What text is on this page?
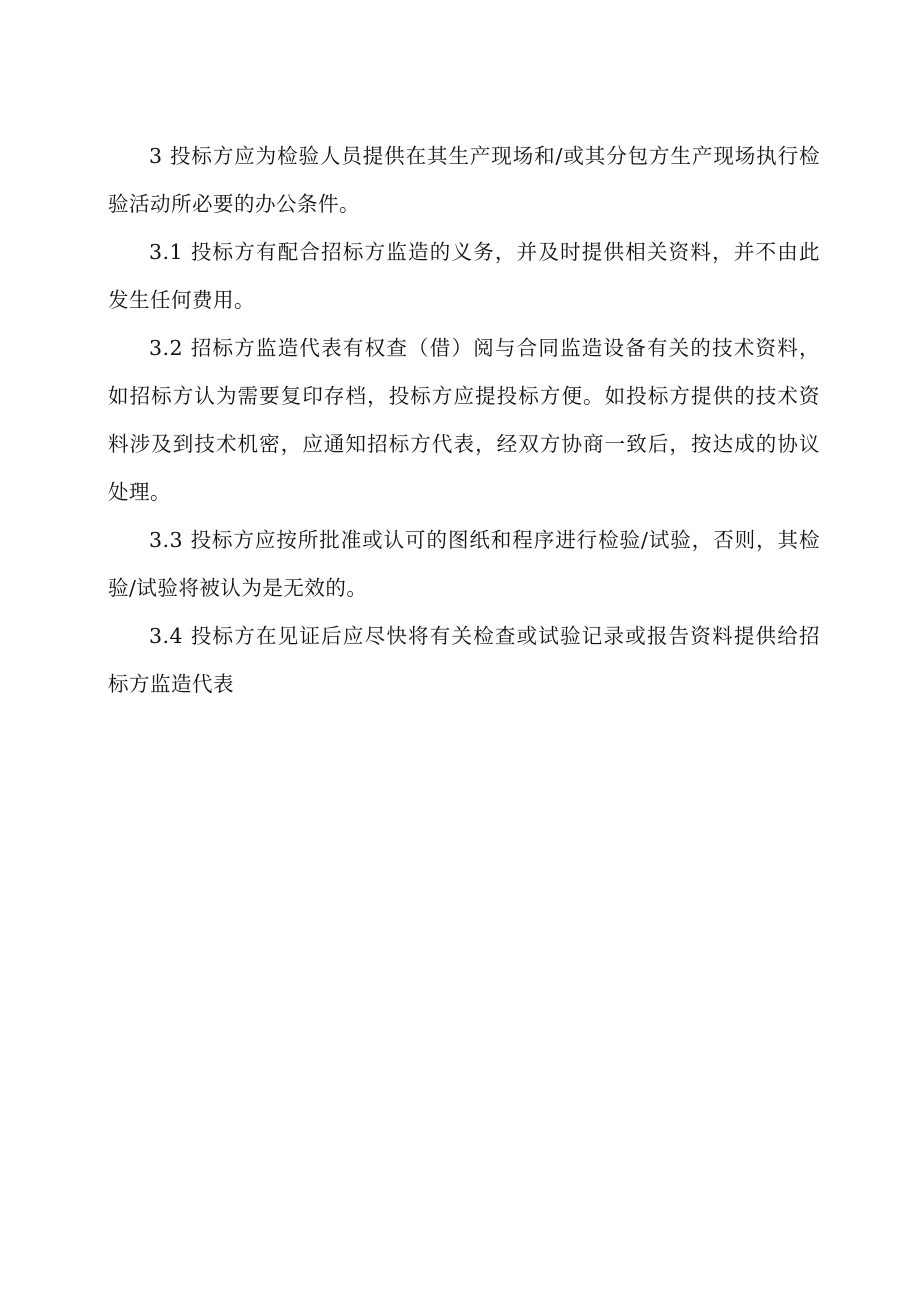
3 投标方应为检验人员提供在其生产现场和/或其分包方生产现场执行检验活动所必要的办公条件。

3.1 投标方有配合招标方监造的义务，并及时提供相关资料，并不由此发生任何费用。

3.2 招标方监造代表有权查（借）阅与合同监造设备有关的技术资料，如招标方认为需要复印存档，投标方应提投标方便。如投标方提供的技术资料涉及到技术机密，应通知招标方代表，经双方协商一致后，按达成的协议处理。

3.3 投标方应按所批准或认可的图纸和程序进行检验/试验，否则，其检验/试验将被认为是无效的。

3.4 投标方在见证后应尽快将有关检查或试验记录或报告资料提供给招标方监造代表
